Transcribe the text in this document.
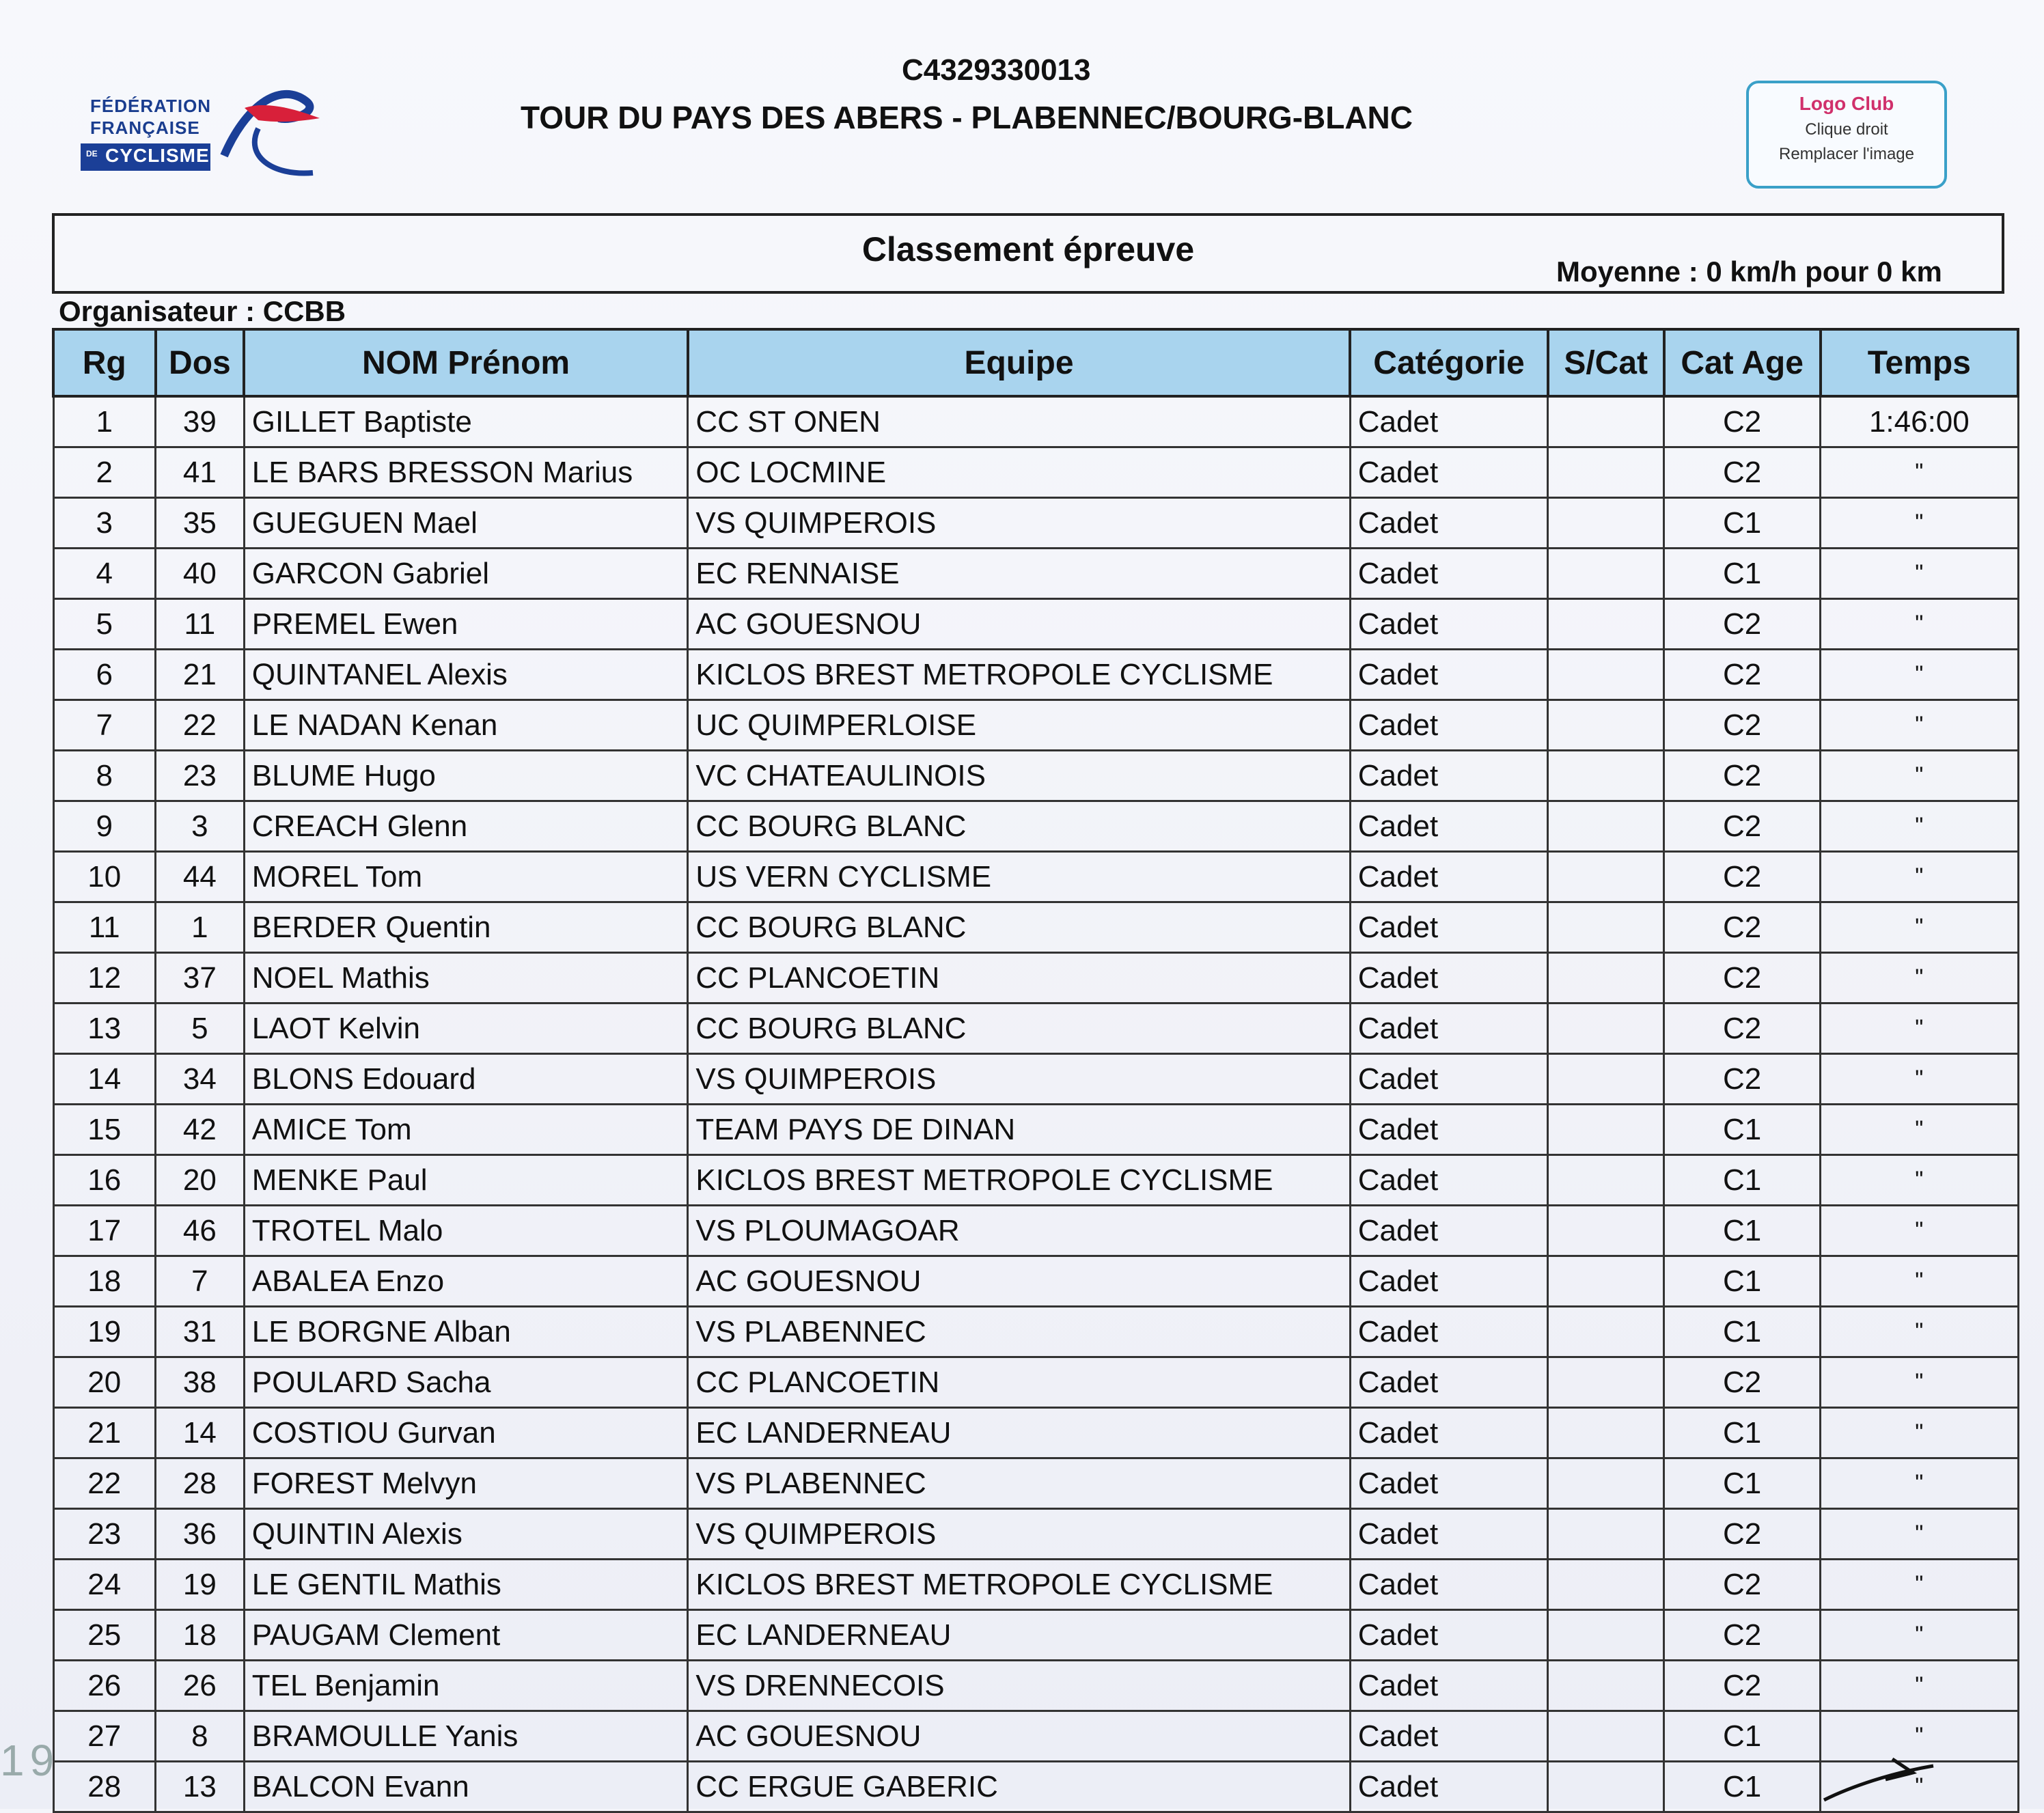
FÉDÉRATION
FRANÇAISE
DE CYCLISME
C4329330013
TOUR DU PAYS DES ABERS - PLABENNEC/BOURG-BLANC	Logo Club
Clique droit
Remplacer l'image
Classement épreuve
Moyenne : 0 km/h pour 0 km
Organisateur : CCBB
Rg	Dos	NOM Prénom	Equipe	Catégorie	S/Cat	Cat Age	Temps
1	39	GILLET Baptiste	CC ST ONEN	Cadet		C2	1:46:00
2	41	LE BARS BRESSON Marius	OC LOCMINE	Cadet		C2	"
3	35	GUEGUEN Mael	VS QUIMPEROIS	Cadet		C1	"
4	40	GARCON Gabriel	EC RENNAISE	Cadet		C1	"
5	11	PREMEL Ewen	AC GOUESNOU	Cadet		C2	"
6	21	QUINTANEL Alexis	KICLOS BREST METROPOLE CYCLISME	Cadet		C2	"
7	22	LE NADAN Kenan	UC QUIMPERLOISE	Cadet		C2	"
8	23	BLUME Hugo	VC CHATEAULINOIS	Cadet		C2	"
9	3	CREACH Glenn	CC BOURG BLANC	Cadet		C2	"
10	44	MOREL Tom	US VERN CYCLISME	Cadet		C2	"
11	1	BERDER Quentin	CC BOURG BLANC	Cadet		C2	"
12	37	NOEL Mathis	CC PLANCOETIN	Cadet		C2	"
13	5	LAOT Kelvin	CC BOURG BLANC	Cadet		C2	"
14	34	BLONS Edouard	VS QUIMPEROIS	Cadet		C2	"
15	42	AMICE Tom	TEAM PAYS DE DINAN	Cadet		C1	"
16	20	MENKE Paul	KICLOS BREST METROPOLE CYCLISME	Cadet		C1	"
17	46	TROTEL Malo	VS PLOUMAGOAR	Cadet		C1	"
18	7	ABALEA Enzo	AC GOUESNOU	Cadet		C1	"
19	31	LE BORGNE Alban	VS PLABENNEC	Cadet		C1	"
20	38	POULARD Sacha	CC PLANCOETIN	Cadet		C2	"
21	14	COSTIOU Gurvan	EC LANDERNEAU	Cadet		C1	"
22	28	FOREST Melvyn	VS PLABENNEC	Cadet		C1	"
23	36	QUINTIN Alexis	VS QUIMPEROIS	Cadet		C2	"
24	19	LE GENTIL Mathis	KICLOS BREST METROPOLE CYCLISME	Cadet		C2	"
25	18	PAUGAM Clement	EC LANDERNEAU	Cadet		C2	"
26	26	TEL Benjamin	VS DRENNECOIS	Cadet		C2	"
27	8	BRAMOULLE Yanis	AC GOUESNOU	Cadet		C1	"
28	13	BALCON Evann	CC ERGUE GABERIC	Cadet		C1	"
19
